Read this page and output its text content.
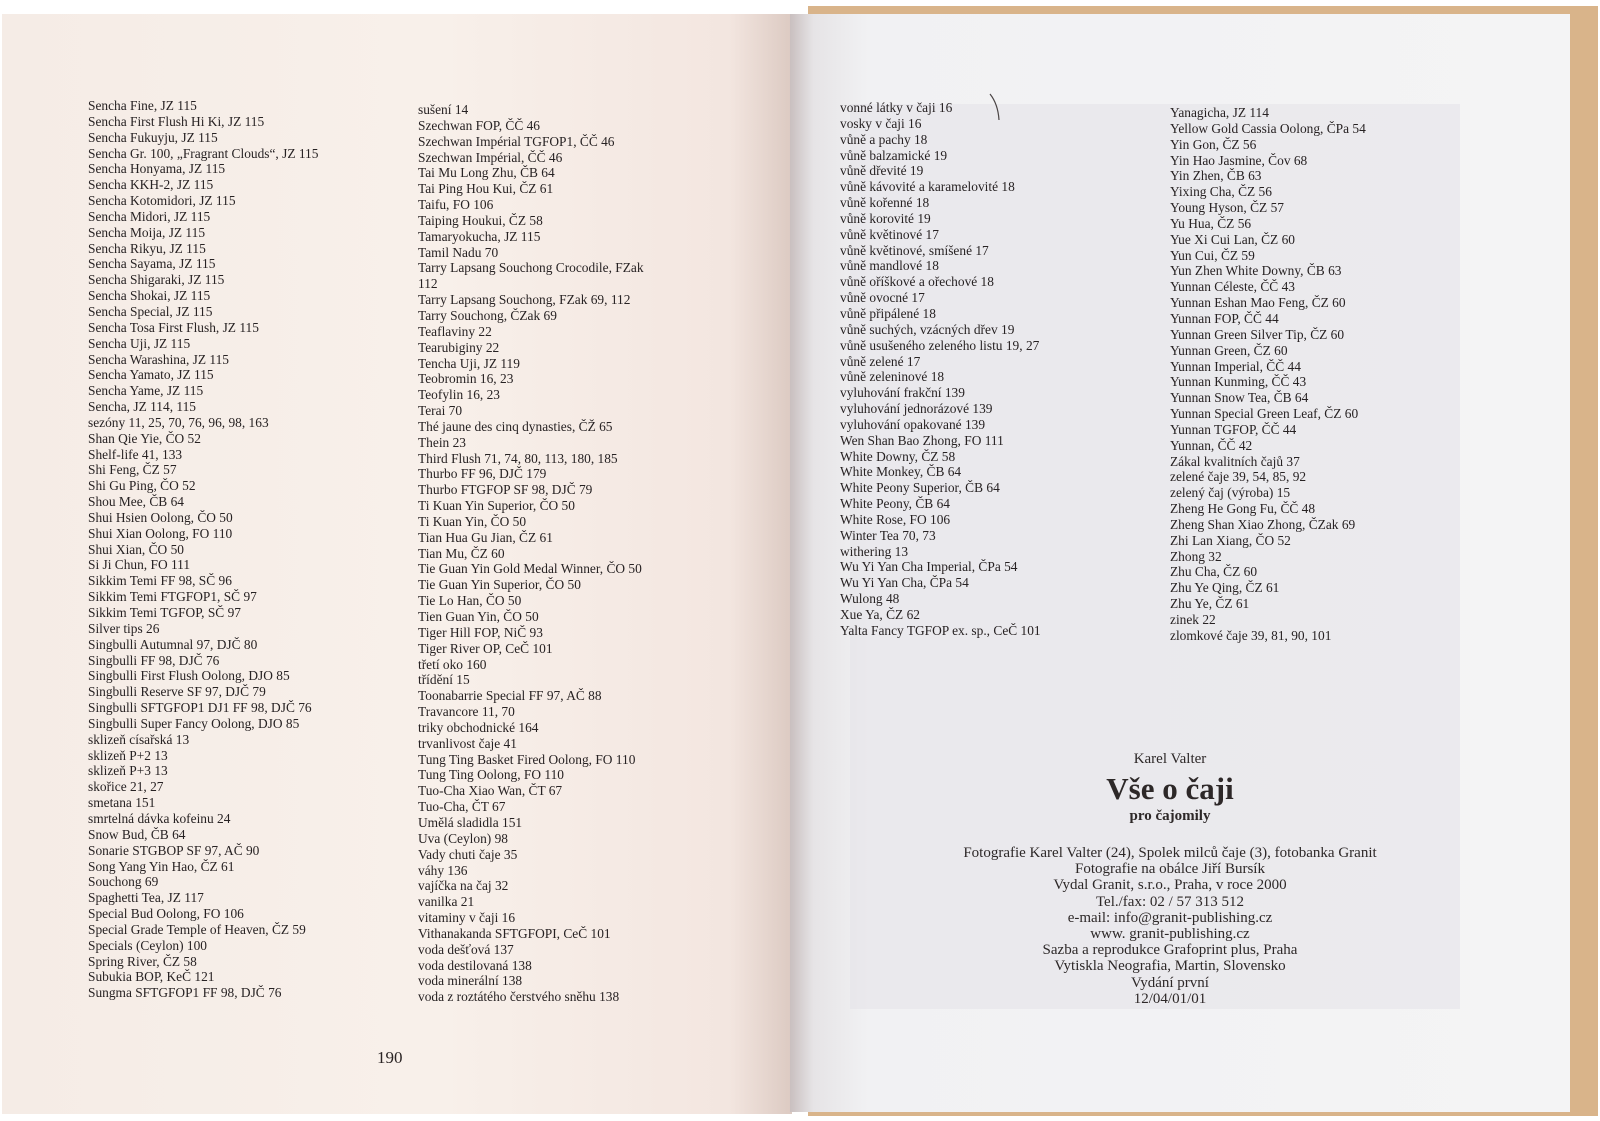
Sencha Fine, JZ 115
Sencha First Flush Hi Ki, JZ 115
Sencha Fukuyju, JZ 115
Sencha Gr. 100, „Fragrant Clouds“, JZ 115
Sencha Honyama, JZ 115
Sencha KKH-2, JZ 115
Sencha Kotomidori, JZ 115
Sencha Midori, JZ 115
Sencha Moija, JZ 115
Sencha Rikyu, JZ 115
Sencha Sayama, JZ 115
Sencha Shigaraki, JZ 115
Sencha Shokai, JZ 115
Sencha Special, JZ 115
Sencha Tosa First Flush, JZ 115
Sencha Uji, JZ 115
Sencha Warashina, JZ 115
Sencha Yamato, JZ 115
Sencha Yame, JZ 115
Sencha, JZ 114, 115
sezóny 11, 25, 70, 76, 96, 98, 163
Shan Qie Yie, ČO 52
Shelf-life 41, 133
Shi Feng, ČZ 57
Shi Gu Ping, ČO 52
Shou Mee, ČB 64
Shui Hsien Oolong, ČO 50
Shui Xian Oolong, FO 110
Shui Xian, ČO 50
Si Ji Chun, FO 111
Sikkim Temi FF 98, SČ 96
Sikkim Temi FTGFOP1, SČ 97
Sikkim Temi TGFOP, SČ 97
Silver tips 26
Singbulli Autumnal 97, DJČ 80
Singbulli FF 98, DJČ 76
Singbulli First Flush Oolong, DJO 85
Singbulli Reserve SF 97, DJČ 79
Singbulli SFTGFOP1 DJ1 FF 98, DJČ 76
Singbulli Super Fancy Oolong, DJO 85
sklizeň císařská 13
sklizeň P+2 13
sklizeň P+3 13
skořice 21, 27
smetana 151
smrtelná dávka kofeinu 24
Snow Bud, ČB 64
Sonarie STGBOP SF 97, AČ 90
Song Yang Yin Hao, ČZ 61
Souchong 69
Spaghetti Tea, JZ 117
Special Bud Oolong, FO 106
Special Grade Temple of Heaven, ČZ 59
Specials (Ceylon) 100
Spring River, ČZ 58
Subukia BOP, KeČ 121
Sungma SFTGFOP1 FF 98, DJČ 76
sušení 14
Szechwan FOP, ČČ 46
Szechwan Impérial TGFOP1, ČČ 46
Szechwan Impérial, ČČ 46
Tai Mu Long Zhu, ČB 64
Tai Ping Hou Kui, ČZ 61
Taifu, FO 106
Taiping Houkui, ČZ 58
Tamaryokucha, JZ 115
Tamil Nadu 70
Tarry Lapsang Souchong Crocodile, FZak
112
Tarry Lapsang Souchong, FZak 69, 112
Tarry Souchong, ČZak 69
Teaflaviny 22
Tearubiginy 22
Tencha Uji, JZ 119
Teobromin 16, 23
Teofylin 16, 23
Terai 70
Thé jaune des cinq dynasties, ČŽ 65
Thein 23
Third Flush 71, 74, 80, 113, 180, 185
Thurbo FF 96, DJČ 179
Thurbo FTGFOP SF 98, DJČ 79
Ti Kuan Yin Superior, ČO 50
Ti Kuan Yin, ČO 50
Tian Hua Gu Jian, ČZ 61
Tian Mu, ČZ 60
Tie Guan Yin Gold Medal Winner, ČO 50
Tie Guan Yin Superior, ČO 50
Tie Lo Han, ČO 50
Tien Guan Yin, ČO 50
Tiger Hill FOP, NiČ 93
Tiger River OP, CeČ 101
třetí oko 160
třídění 15
Toonabarrie Special FF 97, AČ 88
Travancore 11, 70
triky obchodnické 164
trvanlivost čaje 41
Tung Ting Basket Fired Oolong, FO 110
Tung Ting Oolong, FO 110
Tuo-Cha Xiao Wan, ČT 67
Tuo-Cha, ČT 67
Umělá sladidla 151
Uva (Ceylon) 98
Vady chuti čaje 35
váhy 136
vajíčka na čaj 32
vanilka 21
vitaminy v čaji 16
Vithanakanda SFTGFOPI, CeČ 101
voda dešťová 137
voda destilovaná 138
voda minerální 138
voda z roztátého čerstvého sněhu 138
190
vonné látky v čaji 16
vosky v čaji 16
vůně a pachy 18
vůně balzamické 19
vůně dřevité 19
vůně kávovité a karamelovité 18
vůně kořenné 18
vůně korovité 19
vůně květinové 17
vůně květinové, smíšené 17
vůně mandlové 18
vůně oříškové a ořechové 18
vůně ovocné 17
vůně připálené 18
vůně suchých, vzácných dřev 19
vůně usušeného zeleného listu 19, 27
vůně zelené 17
vůně zeleninové 18
vyluhování frakční 139
vyluhování jednorázové 139
vyluhování opakované 139
Wen Shan Bao Zhong, FO 111
White Downy, ČZ 58
White Monkey, ČB 64
White Peony Superior, ČB 64
White Peony, ČB 64
White Rose, FO 106
Winter Tea 70, 73
withering 13
Wu Yi Yan Cha Imperial, ČPa 54
Wu Yi Yan Cha, ČPa 54
Wulong 48
Xue Ya, ČZ 62
Yalta Fancy TGFOP ex. sp., CeČ 101
Yanagicha, JZ 114
Yellow Gold Cassia Oolong, ČPa 54
Yin Gon, ČZ 56
Yin Hao Jasmine, Čov 68
Yin Zhen, ČB 63
Yixing Cha, ČZ 56
Young Hyson, ČZ 57
Yu Hua, ČZ 56
Yue Xi Cui Lan, ČZ 60
Yun Cui, ČZ 59
Yun Zhen White Downy, ČB 63
Yunnan Céleste, ČČ 43
Yunnan Eshan Mao Feng, ČZ 60
Yunnan FOP, ČČ 44
Yunnan Green Silver Tip, ČZ 60
Yunnan Green, ČZ 60
Yunnan Imperial, ČČ 44
Yunnan Kunming, ČČ 43
Yunnan Snow Tea, ČB 64
Yunnan Special Green Leaf, ČZ 60
Yunnan TGFOP, ČČ 44
Yunnan, ČČ 42
Zákal kvalitních čajů 37
zelené čaje 39, 54, 85, 92
zelený čaj (výroba) 15
Zheng He Gong Fu, ČČ 48
Zheng Shan Xiao Zhong, ČZak 69
Zhi Lan Xiang, ČO 52
Zhong 32
Zhu Cha, ČZ 60
Zhu Ye Qing, ČZ 61
Zhu Ye, ČZ 61
zinek 22
zlomkové čaje 39, 81, 90, 101
Karel Valter
Vše o čaji
pro čajomily
Fotografie Karel Valter (24), Spolek milců čaje (3), fotobanka Granit
Fotografie na obálce Jiří Bursík
Vydal Granit, s.r.o., Praha, v roce 2000
Tel./fax: 02 / 57 313 512
e-mail: info@granit-publishing.cz
www. granit-publishing.cz
Sazba a reprodukce Grafoprint plus, Praha
Vytiskla Neografia, Martin, Slovensko
Vydání první
12/04/01/01
